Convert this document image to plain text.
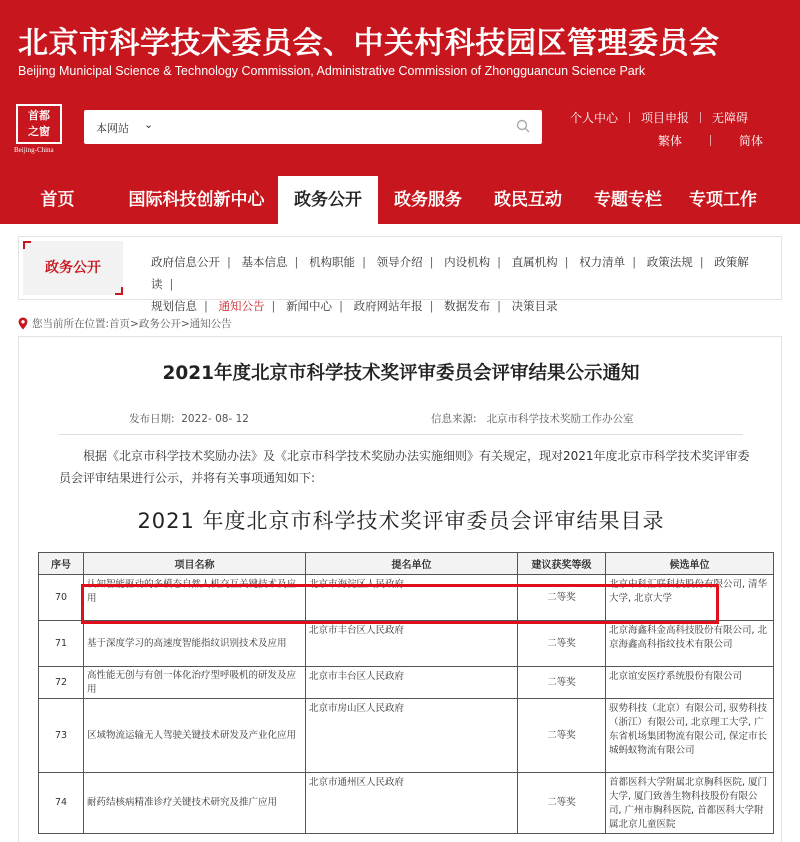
北京市科学技术委员会、中关村科技园区管理委员会
Beijing Municipal Science & Technology Commission, Administrative Commission of Zhongguancun Science Park
首都
之窗
Beijing-China
本网站 ⌄	个人中心 项目申报 无障碍
繁体	简体
首页	国际科技创新中心	政务公开	政务服务	政民互动	专题专栏	专项工作
政务公开	政府信息公开 | 基本信息 | 机构职能 | 领导介绍 | 内设机构 | 直属机构 | 权力清单 | 政策法规 | 政策解读 |
规划信息 | 通知公告 | 新闻中心 | 政府网站年报 | 数据发布 | 决策目录
您当前所在位置: 首页 > 政务公开 > 通知公告
2021年度北京市科学技术奖评审委员会评审结果公示通知
发布日期: 2022- 08- 12	信息来源: 北京市科学技术奖励工作办公室
根据《北京市科学技术奖励办法》及《北京市科学技术奖励办法实施细则》有关规定，现对2021年度北京市科学技术奖评审委员会评审结果进行公示，并将有关事项通知如下:
2021 年度北京市科学技术奖评审委员会评审结果目录
序号	项目名称	提名单位	建议获奖等级	候选单位
70	认知智能驱动的多模态自然人机交互关键技术及应用	北京市海淀区人民政府	二等奖	北京中科汇联科技股份有限公司, 清华大学, 北京大学
71	基于深度学习的高速度智能指纹识别技术及应用	北京市丰台区人民政府	二等奖	北京海鑫科金高科技股份有限公司, 北京海鑫高科指纹技术有限公司
72	高性能无创与有创一体化治疗型呼吸机的研发及应用	北京市丰台区人民政府	二等奖	北京谊安医疗系统股份有限公司
73	区域物流运输无人驾驶关键技术研发及产业化应用	北京市房山区人民政府	二等奖	驭势科技（北京）有限公司, 驭势科技（浙江）有限公司, 北京理工大学, 广东省机场集团物流有限公司, 保定市长城蚂蚁物流有限公司
74	耐药结核病精准诊疗关键技术研究及推广应用	北京市通州区人民政府	二等奖	首都医科大学附属北京胸科医院, 厦门大学, 厦门致善生物科技股份有限公司, 广州市胸科医院, 首都医科大学附属北京儿童医院
